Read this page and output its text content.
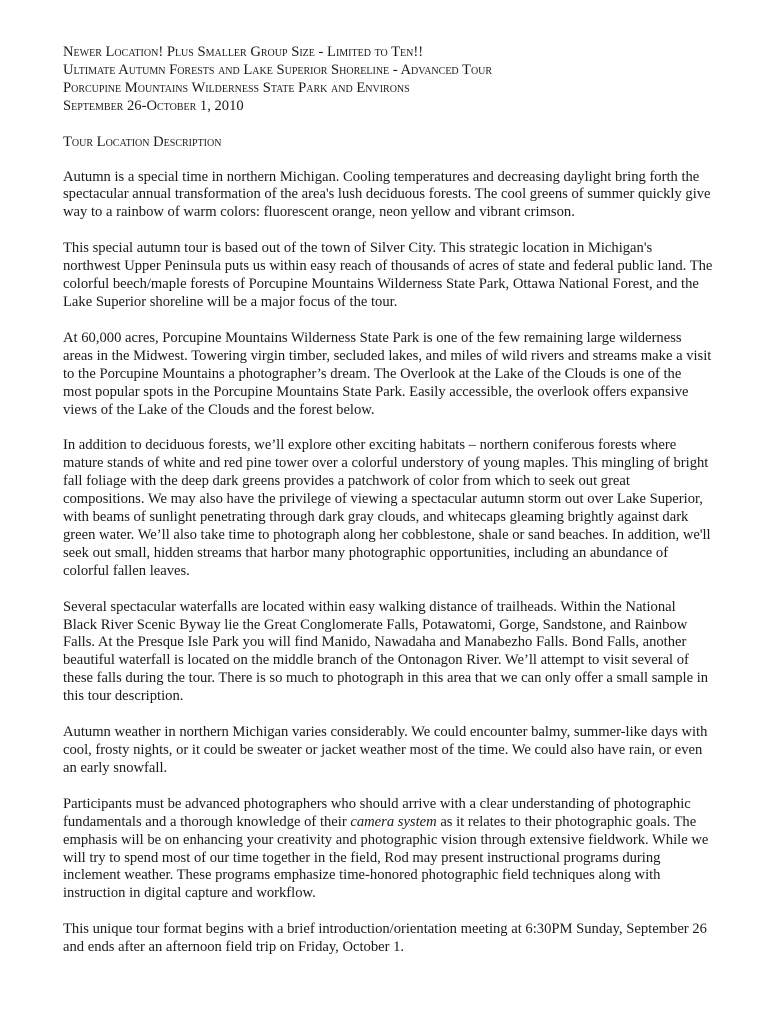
Newer Location! Plus Smaller Group Size - Limited to Ten!!
Ultimate Autumn Forests and Lake Superior Shoreline - Advanced Tour
Porcupine Mountains Wilderness State Park and Environs
September 26-October 1, 2010
Tour Location Description

Autumn is a special time in northern Michigan. Cooling temperatures and decreasing daylight bring forth the spectacular annual transformation of the area's lush deciduous forests. The cool greens of summer quickly give way to a rainbow of warm colors: fluorescent orange, neon yellow and vibrant crimson.

This special autumn tour is based out of the town of Silver City. This strategic location in Michigan's northwest Upper Peninsula puts us within easy reach of thousands of acres of state and federal public land. The colorful beech/maple forests of Porcupine Mountains Wilderness State Park, Ottawa National Forest, and the Lake Superior shoreline will be a major focus of the tour.

At 60,000 acres, Porcupine Mountains Wilderness State Park is one of the few remaining large wilderness areas in the Midwest. Towering virgin timber, secluded lakes, and miles of wild rivers and streams make a visit to the Porcupine Mountains a photographer’s dream. The Overlook at the Lake of the Clouds is one of the most popular spots in the Porcupine Mountains State Park. Easily accessible, the overlook offers expansive views of the Lake of the Clouds and the forest below.

In addition to deciduous forests, we’ll explore other exciting habitats – northern coniferous forests where mature stands of white and red pine tower over a colorful understory of young maples. This mingling of bright fall foliage with the deep dark greens provides a patchwork of color from which to seek out great compositions. We may also have the privilege of viewing a spectacular autumn storm out over Lake Superior, with beams of sunlight penetrating through dark gray clouds, and whitecaps gleaming brightly against dark green water. We’ll also take time to photograph along her cobblestone, shale or sand beaches. In addition, we'll seek out small, hidden streams that harbor many photographic opportunities, including an abundance of colorful fallen leaves.

Several spectacular waterfalls are located within easy walking distance of trailheads. Within the National Black River Scenic Byway lie the Great Conglomerate Falls, Potawatomi, Gorge, Sandstone, and Rainbow Falls. At the Presque Isle Park you will find Manido, Nawadaha and Manabezho Falls. Bond Falls, another beautiful waterfall is located on the middle branch of the Ontonagon River. We’ll attempt to visit several of these falls during the tour. There is so much to photograph in this area that we can only offer a small sample in this tour description.

Autumn weather in northern Michigan varies considerably. We could encounter balmy, summer-like days with cool, frosty nights, or it could be sweater or jacket weather most of the time. We could also have rain, or even an early snowfall.

Participants must be advanced photographers who should arrive with a clear understanding of photographic fundamentals and a thorough knowledge of their camera system as it relates to their photographic goals. The emphasis will be on enhancing your creativity and photographic vision through extensive fieldwork. While we will try to spend most of our time together in the field, Rod may present instructional programs during inclement weather. These programs emphasize time-honored photographic field techniques along with instruction in digital capture and workflow.

This unique tour format begins with a brief introduction/orientation meeting at 6:30PM Sunday, September 26 and ends after an afternoon field trip on Friday, October 1.
